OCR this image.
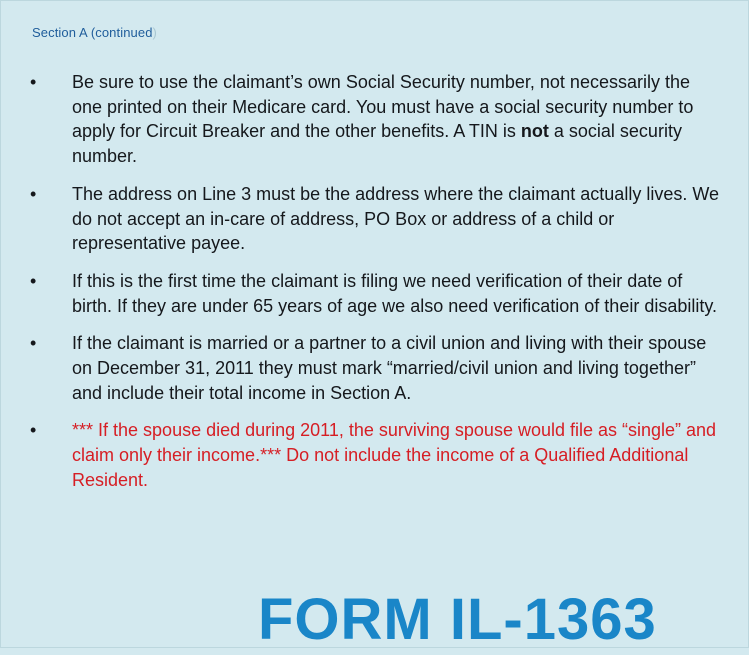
Section A (continued)
•	Be sure to use the claimant’s own Social Security number, not necessarily the one printed on their Medicare card. You must have a social security number to apply for Circuit Breaker and the other benefits. A TIN is not a social security number.
•	The address on Line 3 must be the address where the claimant actually lives. We do not accept an in-care of address, PO Box or address of a child or representative payee.
•	If this is the first time the claimant is filing we need verification of their date of birth. If they are under 65 years of age we also need verification of their disability.
•	If the claimant is married or a partner to a civil union and living with their spouse on December 31, 2011 they must mark “married/civil union and living together” and include their total income in Section A.
•	*** If the spouse died during 2011, the surviving spouse would file as “single” and claim only their income.*** Do not include the income of a Qualified Additional Resident.
FORM IL-1363
